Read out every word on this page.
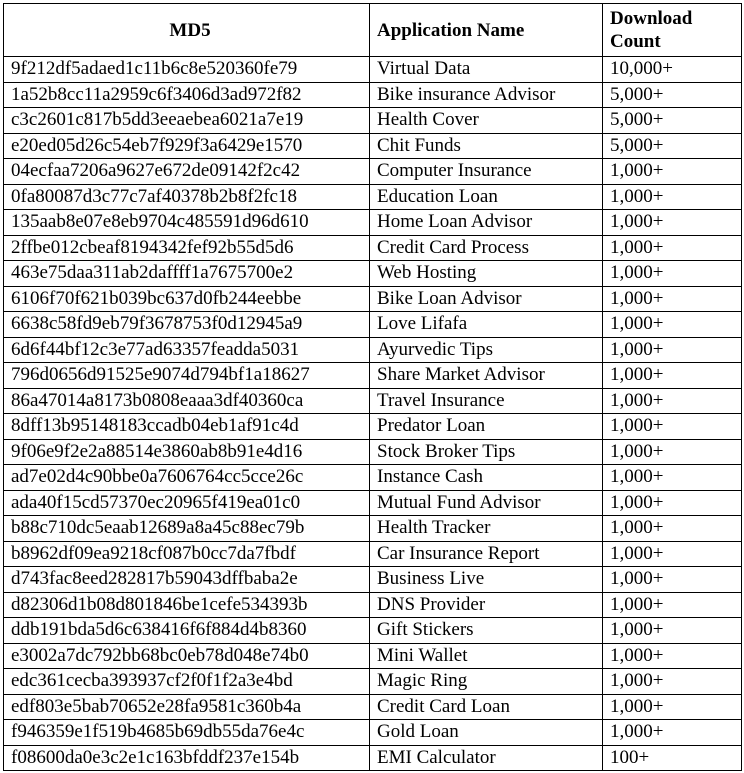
MD5	Application Name	Download Count
9f212df5adaed1c11b6c8e520360fe79	Virtual Data	10,000+
1a52b8cc11a2959c6f3406d3ad972f82	Bike insurance Advisor	5,000+
c3c2601c817b5dd3eeaebea6021a7e19	Health Cover	5,000+
e20ed05d26c54eb7f929f3a6429e1570	Chit Funds	5,000+
04ecfaa7206a9627e672de09142f2c42	Computer Insurance	1,000+
0fa80087d3c77c7af40378b2b8f2fc18	Education Loan	1,000+
135aab8e07e8eb9704c485591d96d610	Home Loan Advisor	1,000+
2ffbe012cbeaf8194342fef92b55d5d6	Credit Card Process	1,000+
463e75daa311ab2daffff1a7675700e2	Web Hosting	1,000+
6106f70f621b039bc637d0fb244eebbe	Bike Loan Advisor	1,000+
6638c58fd9eb79f3678753f0d12945a9	Love Lifafa	1,000+
6d6f44bf12c3e77ad63357feadda5031	Ayurvedic Tips	1,000+
796d0656d91525e9074d794bf1a18627	Share Market Advisor	1,000+
86a47014a8173b0808eaaa3df40360ca	Travel Insurance	1,000+
8dff13b95148183ccadb04eb1af91c4d	Predator Loan	1,000+
9f06e9f2e2a88514e3860ab8b91e4d16	Stock Broker Tips	1,000+
ad7e02d4c90bbe0a7606764cc5cce26c	Instance Cash	1,000+
ada40f15cd57370ec20965f419ea01c0	Mutual Fund Advisor	1,000+
b88c710dc5eaab12689a8a45c88ec79b	Health Tracker	1,000+
b8962df09ea9218cf087b0cc7da7fbdf	Car Insurance Report	1,000+
d743fac8eed282817b59043dffbaba2e	Business Live	1,000+
d82306d1b08d801846be1cefe534393b	DNS Provider	1,000+
ddb191bda5d6c638416f6f884d4b8360	Gift Stickers	1,000+
e3002a7dc792bb68bc0eb78d048e74b0	Mini Wallet	1,000+
edc361cecba393937cf2f0f1f2a3e4bd	Magic Ring	1,000+
edf803e5bab70652e28fa9581c360b4a	Credit Card Loan	1,000+
f946359e1f519b4685b69db55da76e4c	Gold Loan	1,000+
f08600da0e3c2e1c163bfddf237e154b	EMI Calculator	100+
